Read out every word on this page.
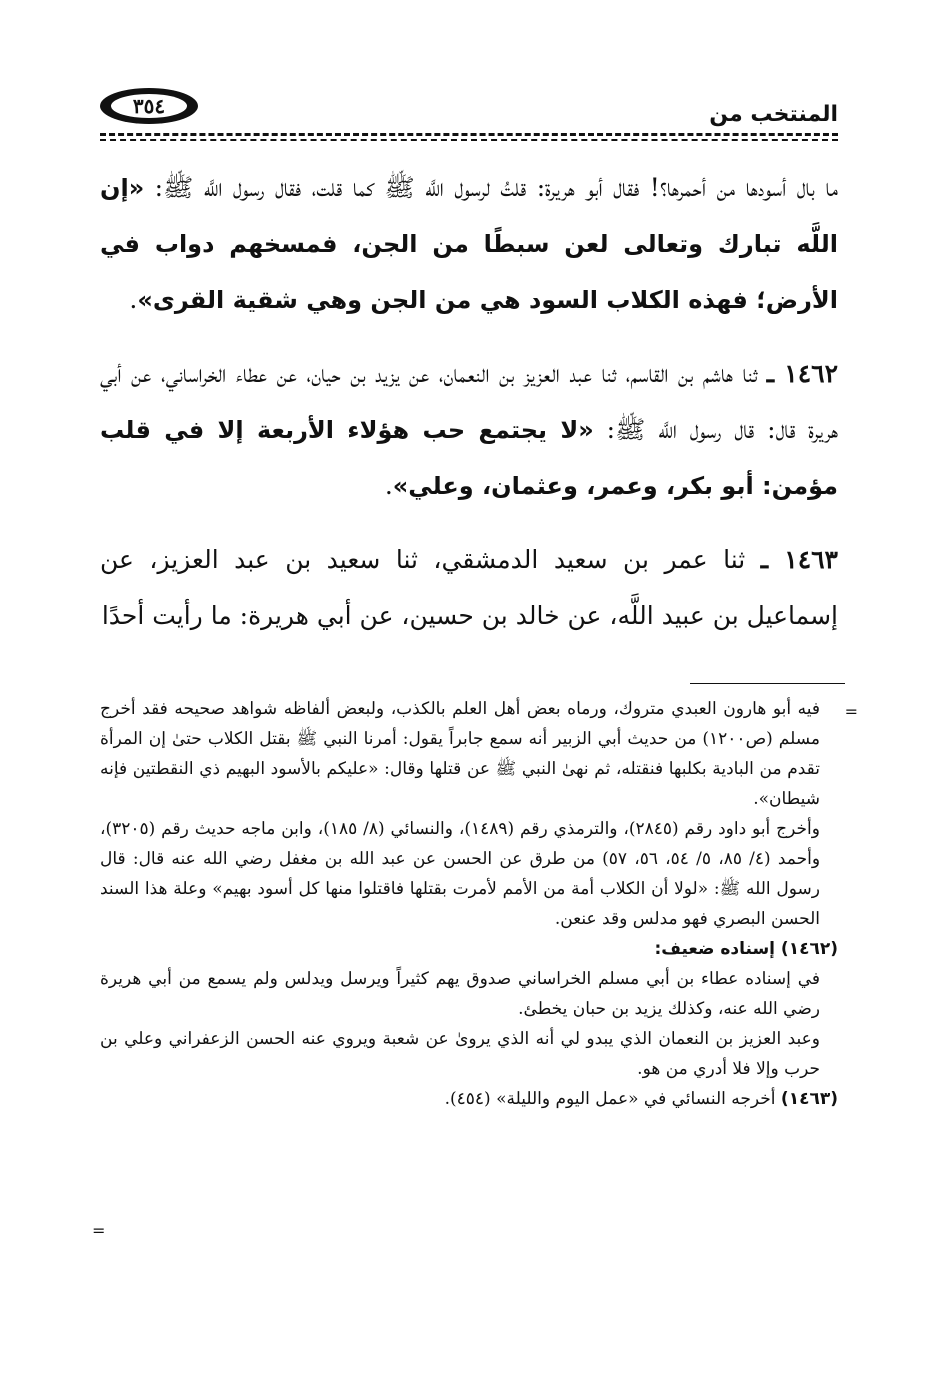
المنتخب من
٣٥٤

ما بال أسودها من أحمرها؟! فقال أبو هريرة: قلتُ لرسول اللَّه ﷺ كما قلت، فقال رسول اللَّه ﷺ: «إن اللَّه تبارك وتعالى لعن سبطًا من الجن، فمسخهم دواب في الأرض؛ فهذه الكلاب السود هي من الجن وهي شقية القرى».

١٤٦٢ ـ ثنا هاشم بن القاسم، ثنا عبد العزيز بن النعمان، عن يزيد بن حيان، عن عطاء الخراساني، عن أبي هريرة قال: قال رسول اللَّه ﷺ: «لا يجتمع حب هؤلاء الأربعة إلا في قلب مؤمن: أبو بكر، وعمر، وعثمان، وعلي».

١٤٦٣ ـ ثنا عمر بن سعيد الدمشقي، ثنا سعيد بن عبد العزيز، عن إسماعيل بن عبيد اللَّه، عن خالد بن حسين، عن أبي هريرة: ما رأيت أحدًا

=
=

فيه أبو هارون العبدي متروك، ورماه بعض أهل العلم بالكذب، ولبعض ألفاظه شواهد صحيحه فقد أخرج مسلم (ص١٢٠٠) من حديث أبي الزبير أنه سمع جابراً يقول: أمرنا النبي ﷺ بقتل الكلاب حتىٰ إن المرأة تقدم من البادية بكلبها فنقتله، ثم نهىٰ النبي ﷺ عن قتلها وقال: «عليكم بالأسود البهيم ذي النقطتين فإنه شيطان».

وأخرج أبو داود رقم (٢٨٤٥)، والترمذي رقم (١٤٨٩)، والنسائي (٨/ ١٨٥)، وابن ماجه حديث رقم (٣٢٠٥)، وأحمد (٤/ ٨٥، ٥/ ٥٤، ٥٦، ٥٧) من طرق عن الحسن عن عبد الله بن مغفل رضي الله عنه قال: قال رسول الله ﷺ: «لولا أن الكلاب أمة من الأمم لأمرت بقتلها فاقتلوا منها كل أسود بهيم» وعلة هذا السند الحسن البصري فهو مدلس وقد عنعن.

(١٤٦٢) إسناده ضعيف:

في إسناده عطاء بن أبي مسلم الخراساني صدوق يهم كثيراً ويرسل ويدلس ولم يسمع من أبي هريرة رضي الله عنه، وكذلك يزيد بن حبان يخطئ.

وعبد العزيز بن النعمان الذي يبدو لي أنه الذي يروىٰ عن شعبة ويروي عنه الحسن الزعفراني وعلي بن حرب وإلا فلا أدري من هو.

(١٤٦٣) أخرجه النسائي في «عمل اليوم والليلة» (٤٥٤).
